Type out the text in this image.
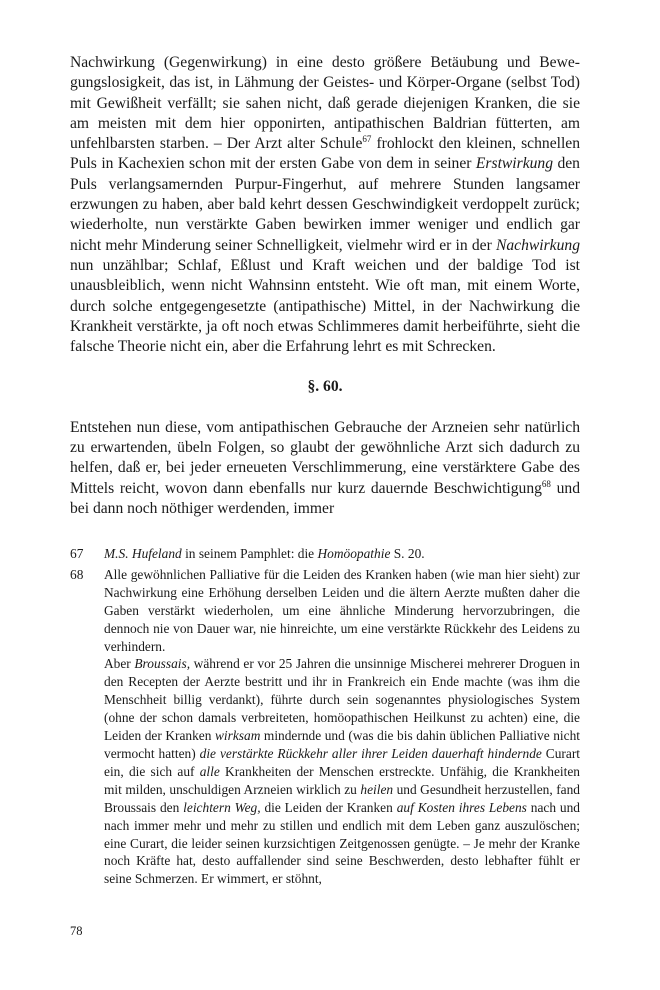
Nachwirkung (Gegenwirkung) in eine desto größere Betäubung und Bewegungslosigkeit, das ist, in Lähmung der Geistes- und Körper-Organe (selbst Tod) mit Gewißheit verfällt; sie sahen nicht, daß gerade diejenigen Kranken, die sie am meisten mit dem hier opponirten, antipathischen Baldrian fütterten, am unfehlbarsten starben. – Der Arzt alter Schule$^{67}$ frohlockt den kleinen, schnellen Puls in Kachexien schon mit der ersten Gabe von dem in seiner Erstwirkung den Puls verlangsamernden Purpur-Fingerhut, auf mehrere Stunden langsamer erzwungen zu haben, aber bald kehrt dessen Geschwindigkeit verdoppelt zurück; wiederholte, nun verstärkte Gaben bewirken immer weniger und endlich gar nicht mehr Minderung seiner Schnelligkeit, vielmehr wird er in der Nachwirkung nun unzählbar; Schlaf, Eßlust und Kraft weichen und der baldige Tod ist unausbleiblich, wenn nicht Wahnsinn entsteht. Wie oft man, mit einem Worte, durch solche entgegengesetzte (antipathische) Mittel, in der Nachwirkung die Krankheit verstärkte, ja oft noch etwas Schlimmeres damit herbeiführte, sieht die falsche Theorie nicht ein, aber die Erfahrung lehrt es mit Schrecken.

§. 60.

Entstehen nun diese, vom antipathischen Gebrauche der Arzneien sehr natürlich zu erwartenden, übeln Folgen, so glaubt der gewöhnliche Arzt sich dadurch zu helfen, daß er, bei jeder erneueten Verschlimmerung, eine verstärktere Gabe des Mittels reicht, wovon dann ebenfalls nur kurz dauernde Beschwichtigung$^{68}$ und bei dann noch nöthiger werdenden, immer

67	M.S. Hufeland in seinem Pamphlet: die Homöopathie S. 20.
68	Alle gewöhnlichen Palliative für die Leiden des Kranken haben (wie man hier sieht) zur Nachwirkung eine Erhöhung derselben Leiden und die ältern Aerzte mußten daher die Gaben verstärkt wiederholen, um eine ähnliche Minderung hervorzubringen, die dennoch nie von Dauer war, nie hinreichte, um eine verstärkte Rückkehr des Leidens zu verhindern.

Aber Broussais, während er vor 25 Jahren die unsinnige Mischerei mehrerer Droguen in den Recepten der Aerzte bestritt und ihr in Frankreich ein Ende machte (was ihm die Menschheit billig verdankt), führte durch sein sogenanntes physiologisches System (ohne der schon damals verbreiteten, homöopathischen Heilkunst zu achten) eine, die Leiden der Kranken wirksam mindernde und (was die bis dahin üblichen Palliative nicht vermocht hatten) die verstärkte Rückkehr aller ihrer Leiden dauerhaft hindernde Curart ein, die sich auf alle Krankheiten der Menschen erstreckte. Unfähig, die Krankheiten mit milden, unschuldigen Arzneien wirklich zu heilen und Gesundheit herzustellen, fand Broussais den leichtern Weg, die Leiden der Kranken auf Kosten ihres Lebens nach und nach immer mehr und mehr zu stillen und endlich mit dem Leben ganz auszulöschen; eine Curart, die leider seinen kurzsichtigen Zeitgenossen genügte. – Je mehr der Kranke noch Kräfte hat, desto auffallender sind seine Beschwerden, desto lebhafter fühlt er seine Schmerzen. Er wimmert, er stöhnt,

78
